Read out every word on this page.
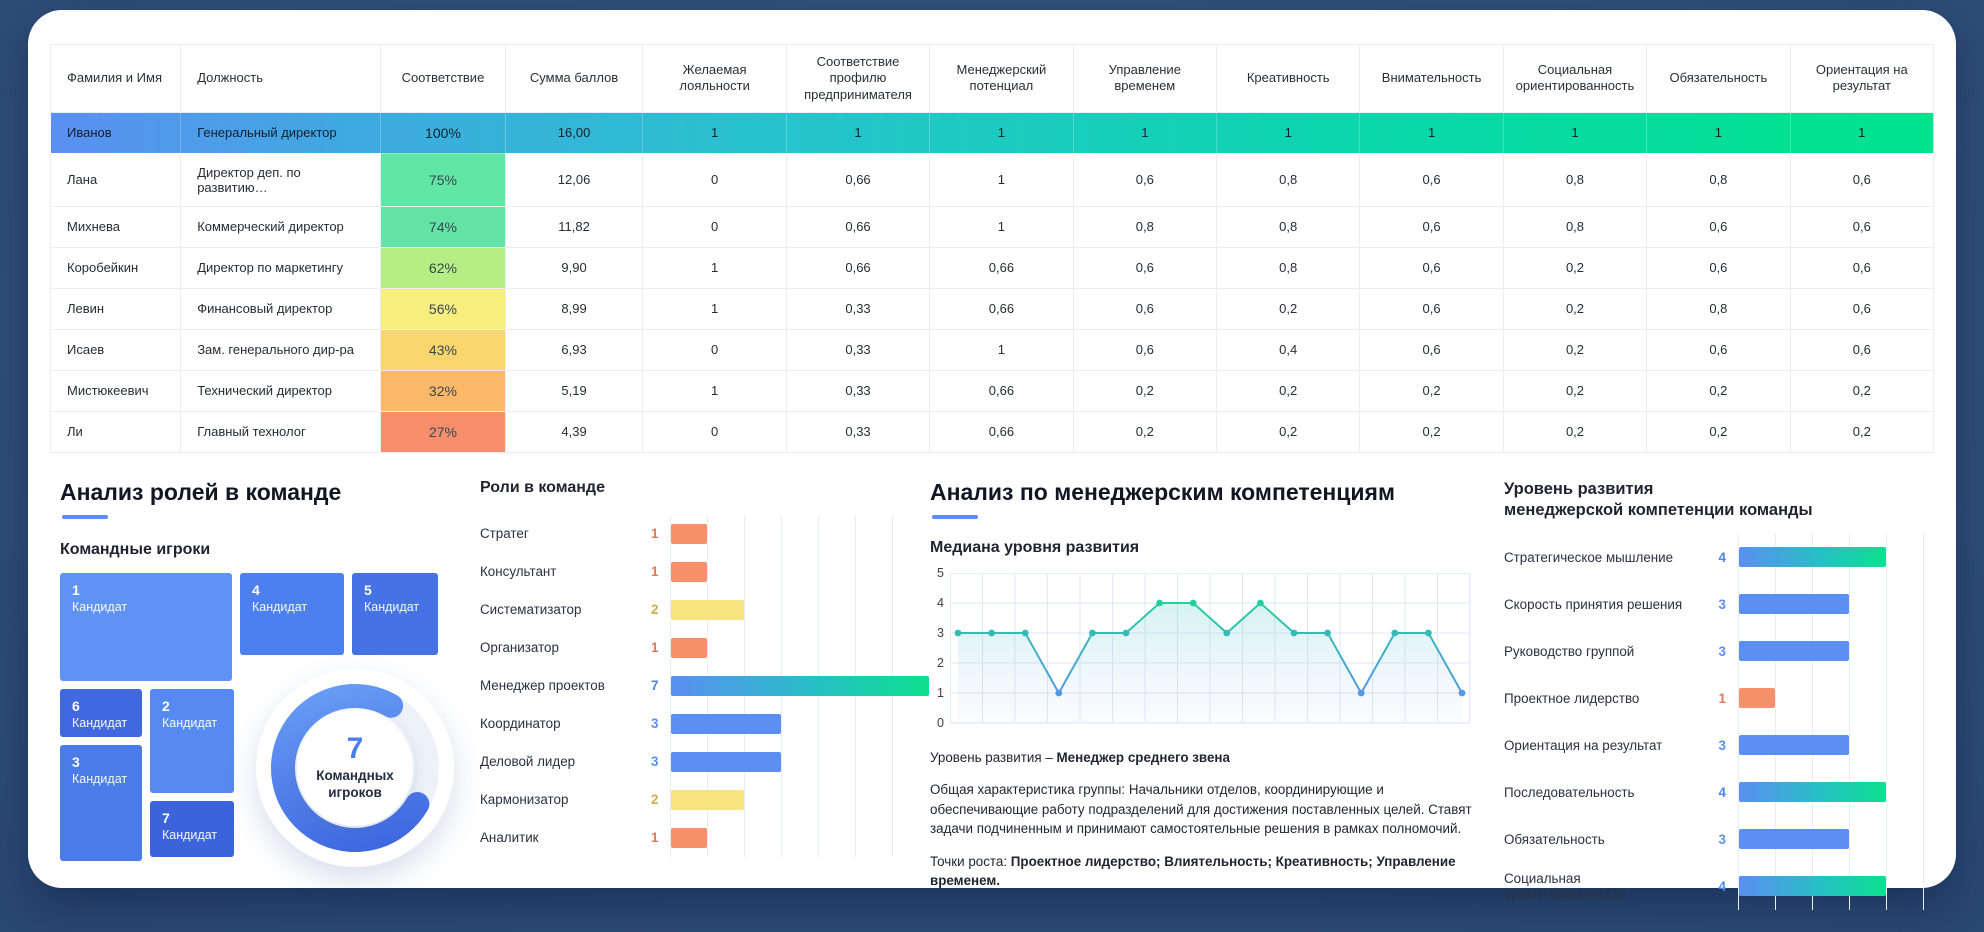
Фамилия и Имя	Должность	Соответствие	Сумма баллов	Желаемая лояльности	Соответствие профилю предпринимателя	Менеджерский потенциал	Управление временем	Креативность	Внимательность	Социальная ориентированность	Обязательность	Ориентация на результат
Иванов	Генеральный директор	100%	16,00	1	1	1	1	1	1	1	1	1
Лана	Директор деп. по развитию…	75%	12,06	0	0,66	1	0,6	0,8	0,6	0,8	0,8	0,6
Михнева	Коммерческий директор	74%	11,82	0	0,66	1	0,8	0,8	0,6	0,8	0,6	0,6
Коробейкин	Директор по маркетингу	62%	9,90	1	0,66	0,66	0,6	0,8	0,6	0,2	0,6	0,6
Левин	Финансовый директор	56%	8,99	1	0,33	0,66	0,6	0,2	0,6	0,2	0,8	0,6
Исаев	Зам. генерального дир-ра	43%	6,93	0	0,33	1	0,6	0,4	0,6	0,2	0,6	0,6
Мистюкеевич	Технический директор	32%	5,19	1	0,33	0,66	0,2	0,2	0,2	0,2	0,2	0,2
Ли	Главный технолог	27%	4,39	0	0,33	0,66	0,2	0,2	0,2	0,2	0,2	0,2
Анализ ролей в команде
Командные игроки
7
Кандидат
3
Кандидат
2
Кандидат
6
Кандидат
5
Кандидат
4
Кандидат
1
Кандидат
7
Командных игроков
Роли в команде
Стратег	1
Консультант	1
Систематизатор	2
Организатор	1
Менеджер проектов	7
Координатор	3
Деловой лидер	3
Кармонизатор	2
Аналитик	1
Анализ по менеджерским компетенциям
Медиана уровня развития
5
4
3
2
1
0

Уровень развития – Менеджер среднего звена

Общая характеристика группы: Начальники отделов, координирующие и обеспечивающие работу подразделений для достижения поставленных целей. Ставят задачи подчиненным и принимают самостоятельные решения в рамках полномочий.

Точки роста: Проектное лидерство; Влиятельность; Креативность; Управление временем.

Уровень развития
менеджерской компетенции команды
Стратегическое мышление	4
Скорость принятия решения	3
Руководство группой	3
Проектное лидерство	1
Ориентация на результат	3
Последовательность	4
Обязательность	3
Социальная ориентированность	4
